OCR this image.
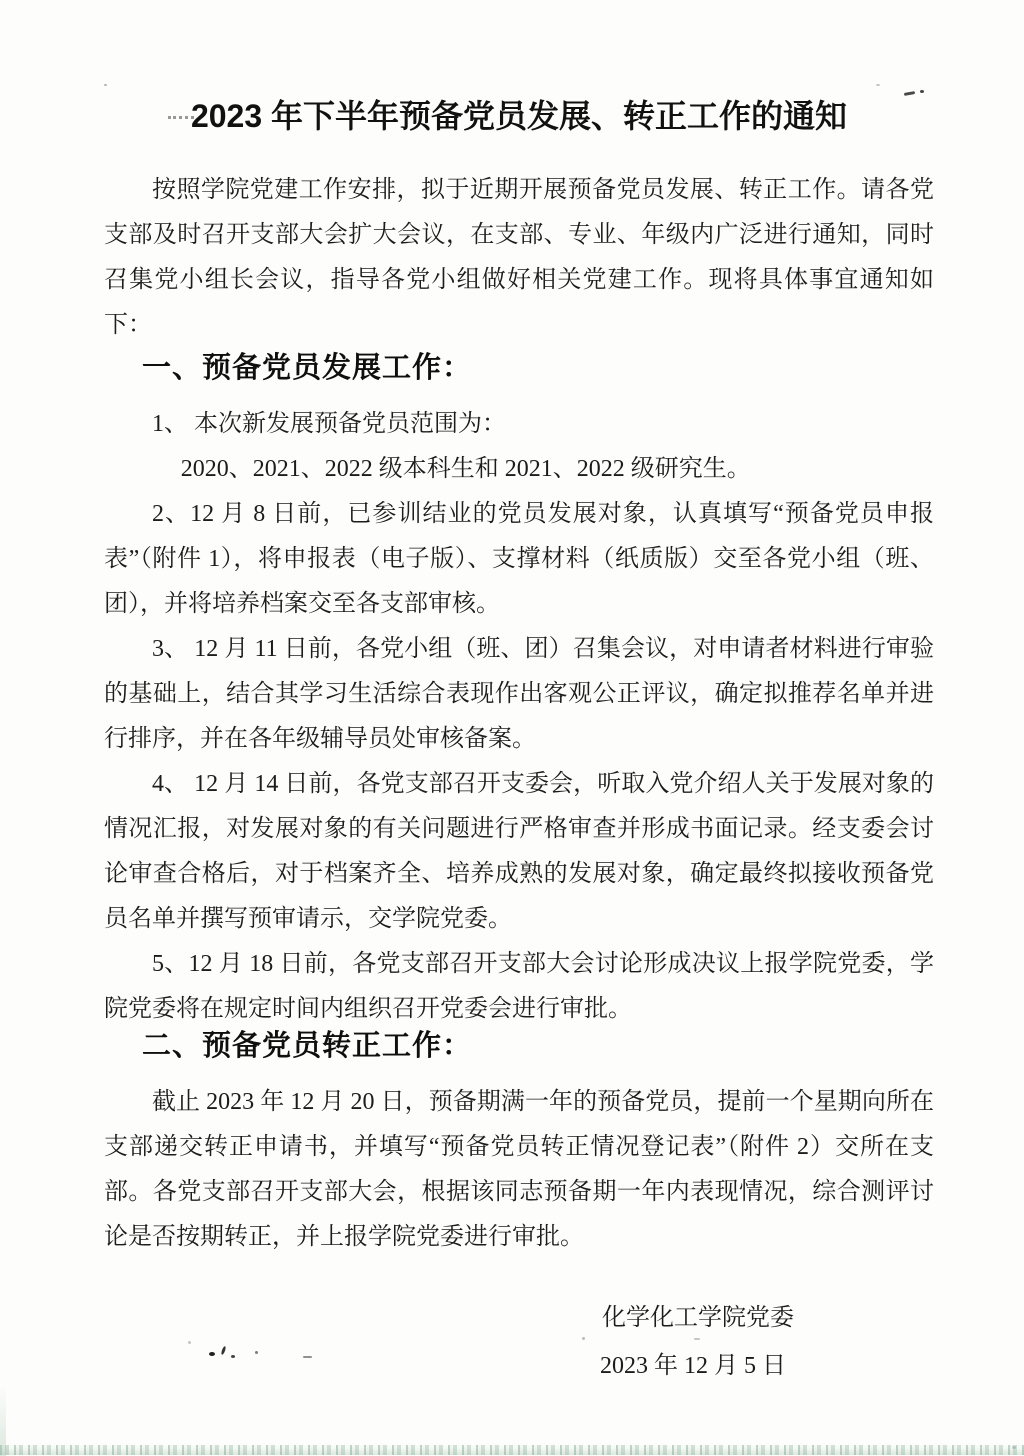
2023 年下半年预备党员发展、转正工作的通知

按照学院党建工作安排，拟于近期开展预备党员发展、转正工作。请各党支部及时召开支部大会扩大会议，在支部、专业、年级内广泛进行通知，同时召集党小组长会议，指导各党小组做好相关党建工作。现将具体事宜通知如下：

一、预备党员发展工作：

1、 本次新发展预备党员范围为：

2020、2021、2022 级本科生和 2021、2022 级研究生。

2、12 月 8 日前，已参训结业的党员发展对象，认真填写“预备党员申报表”（附件 1），将申报表（电子版）、支撑材料（纸质版）交至各党小组（班、团），并将培养档案交至各支部审核。

3、 12 月 11 日前，各党小组（班、团）召集会议，对申请者材料进行审验的基础上，结合其学习生活综合表现作出客观公正评议，确定拟推荐名单并进行排序，并在各年级辅导员处审核备案。

4、 12 月 14 日前，各党支部召开支委会，听取入党介绍人关于发展对象的情况汇报，对发展对象的有关问题进行严格审查并形成书面记录。经支委会讨论审查合格后，对于档案齐全、培养成熟的发展对象，确定最终拟接收预备党员名单并撰写预审请示，交学院党委。

5、12 月 18 日前，各党支部召开支部大会讨论形成决议上报学院党委，学院党委将在规定时间内组织召开党委会进行审批。

二、预备党员转正工作：

截止 2023 年 12 月 20 日，预备期满一年的预备党员，提前一个星期向所在支部递交转正申请书，并填写“预备党员转正情况登记表”（附件 2）交所在支部。各党支部召开支部大会，根据该同志预备期一年内表现情况，综合测评讨论是否按期转正，并上报学院党委进行审批。

化学化工学院党委
2023 年 12 月 5 日
